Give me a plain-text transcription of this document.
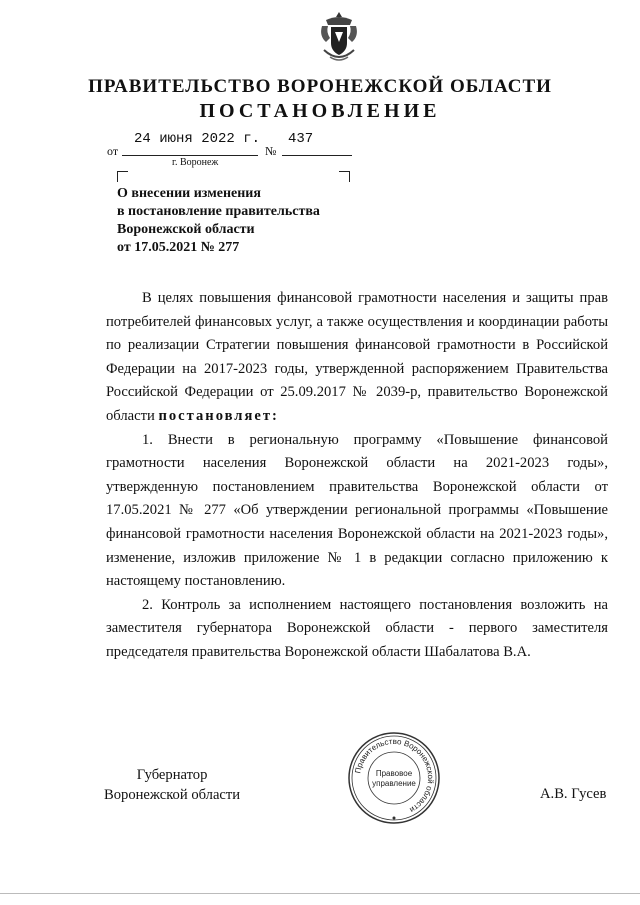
ПРАВИТЕЛЬСТВО ВОРОНЕЖСКОЙ ОБЛАСТИ
ПОСТАНОВЛЕНИЕ
от
24 июня 2022 г.
№
437
г. Воронеж
О внесении изменения
в постановление правительства
Воронежской области
от 17.05.2021 № 277

В целях повышения финансовой грамотности населения и защиты прав потребителей финансовых услуг, а также осуществления и координации работы по реализации Стратегии повышения финансовой грамотности в Российской Федерации на 2017-2023 годы, утвержденной распоряжением Правительства Российской Федерации от 25.09.2017 № 2039-р, правительство Воронежской области постановляет:

1. Внести в региональную программу «Повышение финансовой грамотности населения Воронежской области на 2021-2023 годы», утвержденную постановлением правительства Воронежской области от 17.05.2021 № 277 «Об утверждении региональной программы «Повышение финансовой грамотности населения Воронежской области на 2021-2023 годы», изменение, изложив приложение № 1 в редакции согласно приложению к настоящему постановлению.

2. Контроль за исполнением настоящего постановления возложить на заместителя губернатора Воронежской области - первого заместителя председателя правительства Воронежской области Шабалатова В.А.

Губернатор
Воронежской области	А.В. Гусев
Правительство Воронежской области
Правовое
управление
